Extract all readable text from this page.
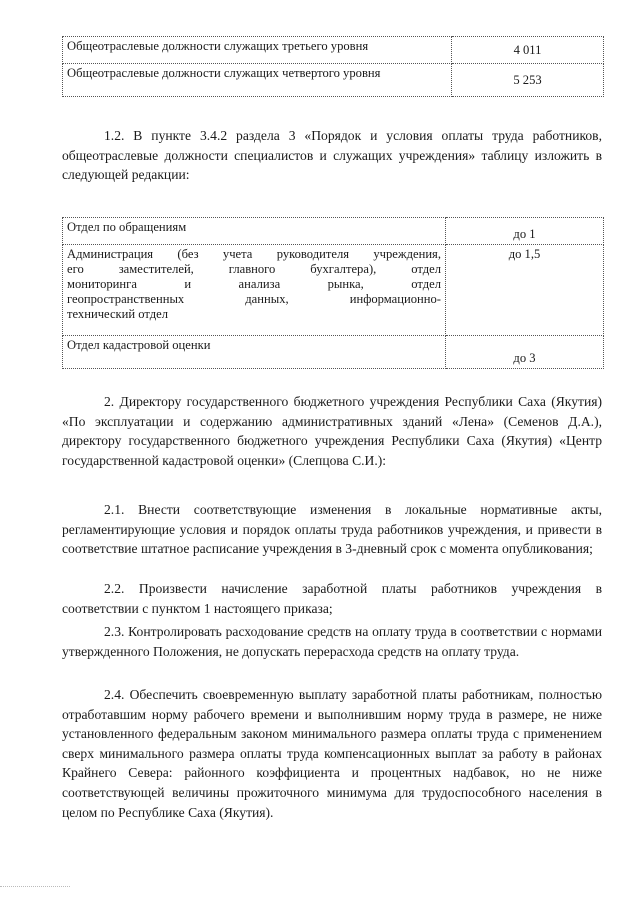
Общеотраслевые должности служащих третьего уровня	4 011
Общеотраслевые должности служащих четвертого уровня	5 253

1.2. В пункте 3.4.2 раздела 3 «Порядок и условия оплаты труда работников, общеотраслевые должности специалистов и служащих учреждения» таблицу изложить в следующей редакции:

Отдел по обращениям	до 1

Администрация (без учета руководителя учреждения,
его заместителей, главного бухгалтера), отдел
мониторинга и анализа рынка, отдел
геопространственных данных, информационно-
технический отдел	до 1,5
Отдел кадастровой оценки	до 3

2. Директору государственного бюджетного учреждения Республики Саха (Якутия) «По эксплуатации и содержанию административных зданий «Лена» (Семенов Д.А.), директору государственного бюджетного учреждения Республики Саха (Якутия) «Центр государственной кадастровой оценки» (Слепцова С.И.):

2.1. Внести соответствующие изменения в локальные нормативные акты, регламентирующие условия и порядок оплаты труда работников учреждения, и привести в соответствие штатное расписание учреждения в 3-дневный срок с момента опубликования;

2.2. Произвести начисление заработной платы работников учреждения в соответствии с пунктом 1 настоящего приказа;

2.3. Контролировать расходование средств на оплату труда в соответствии с нормами утвержденного Положения, не допускать перерасхода средств на оплату труда.

2.4. Обеспечить своевременную выплату заработной платы работникам, полностью отработавшим норму рабочего времени и выполнившим норму труда в размере, не ниже установленного федеральным законом минимального размера оплаты труда с применением сверх минимального размера оплаты труда компенсационных выплат за работу в районах Крайнего Севера: районного коэффициента и процентных надбавок, но не ниже соответствующей величины прожиточного минимума для трудоспособного населения в целом по Республике Саха (Якутия).
